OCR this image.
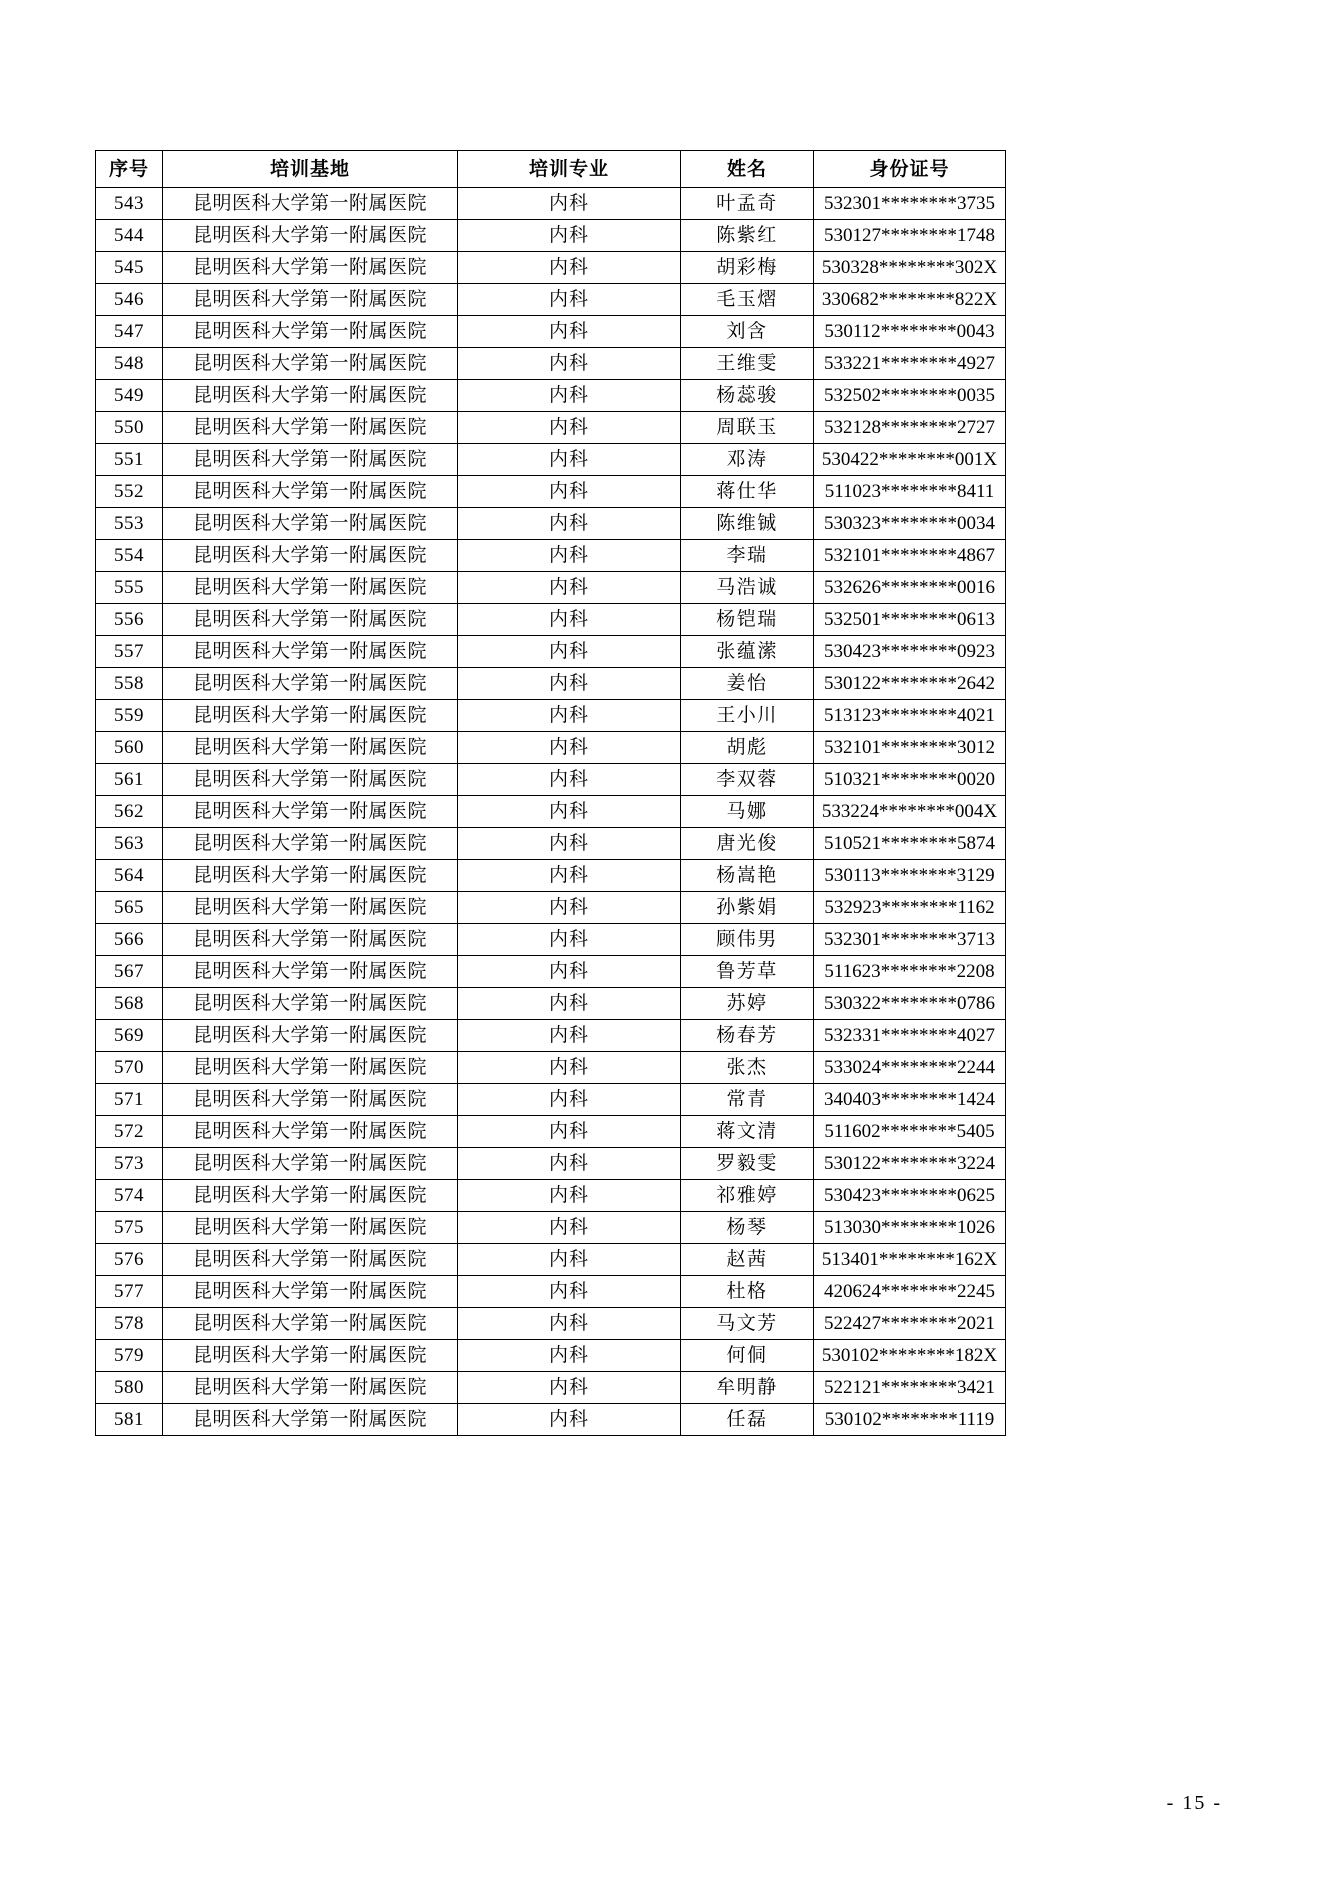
序号	培训基地	培训专业	姓名	身份证号
543	昆明医科大学第一附属医院	内科	叶孟奇	532301********3735
544	昆明医科大学第一附属医院	内科	陈紫红	530127********1748
545	昆明医科大学第一附属医院	内科	胡彩梅	530328********302X
546	昆明医科大学第一附属医院	内科	毛玉熠	330682********822X
547	昆明医科大学第一附属医院	内科	刘含	530112********0043
548	昆明医科大学第一附属医院	内科	王维雯	533221********4927
549	昆明医科大学第一附属医院	内科	杨蕊骏	532502********0035
550	昆明医科大学第一附属医院	内科	周联玉	532128********2727
551	昆明医科大学第一附属医院	内科	邓涛	530422********001X
552	昆明医科大学第一附属医院	内科	蒋仕华	511023********8411
553	昆明医科大学第一附属医院	内科	陈维铖	530323********0034
554	昆明医科大学第一附属医院	内科	李瑞	532101********4867
555	昆明医科大学第一附属医院	内科	马浩诚	532626********0016
556	昆明医科大学第一附属医院	内科	杨铠瑞	532501********0613
557	昆明医科大学第一附属医院	内科	张蕴潆	530423********0923
558	昆明医科大学第一附属医院	内科	姜怡	530122********2642
559	昆明医科大学第一附属医院	内科	王小川	513123********4021
560	昆明医科大学第一附属医院	内科	胡彪	532101********3012
561	昆明医科大学第一附属医院	内科	李双蓉	510321********0020
562	昆明医科大学第一附属医院	内科	马娜	533224********004X
563	昆明医科大学第一附属医院	内科	唐光俊	510521********5874
564	昆明医科大学第一附属医院	内科	杨嵩艳	530113********3129
565	昆明医科大学第一附属医院	内科	孙紫娟	532923********1162
566	昆明医科大学第一附属医院	内科	顾伟男	532301********3713
567	昆明医科大学第一附属医院	内科	鲁芳草	511623********2208
568	昆明医科大学第一附属医院	内科	苏婷	530322********0786
569	昆明医科大学第一附属医院	内科	杨春芳	532331********4027
570	昆明医科大学第一附属医院	内科	张杰	533024********2244
571	昆明医科大学第一附属医院	内科	常青	340403********1424
572	昆明医科大学第一附属医院	内科	蒋文清	511602********5405
573	昆明医科大学第一附属医院	内科	罗毅雯	530122********3224
574	昆明医科大学第一附属医院	内科	祁雅婷	530423********0625
575	昆明医科大学第一附属医院	内科	杨琴	513030********1026
576	昆明医科大学第一附属医院	内科	赵茜	513401********162X
577	昆明医科大学第一附属医院	内科	杜格	420624********2245
578	昆明医科大学第一附属医院	内科	马文芳	522427********2021
579	昆明医科大学第一附属医院	内科	何侗	530102********182X
580	昆明医科大学第一附属医院	内科	牟明静	522121********3421
581	昆明医科大学第一附属医院	内科	任磊	530102********1119
- 15 -
